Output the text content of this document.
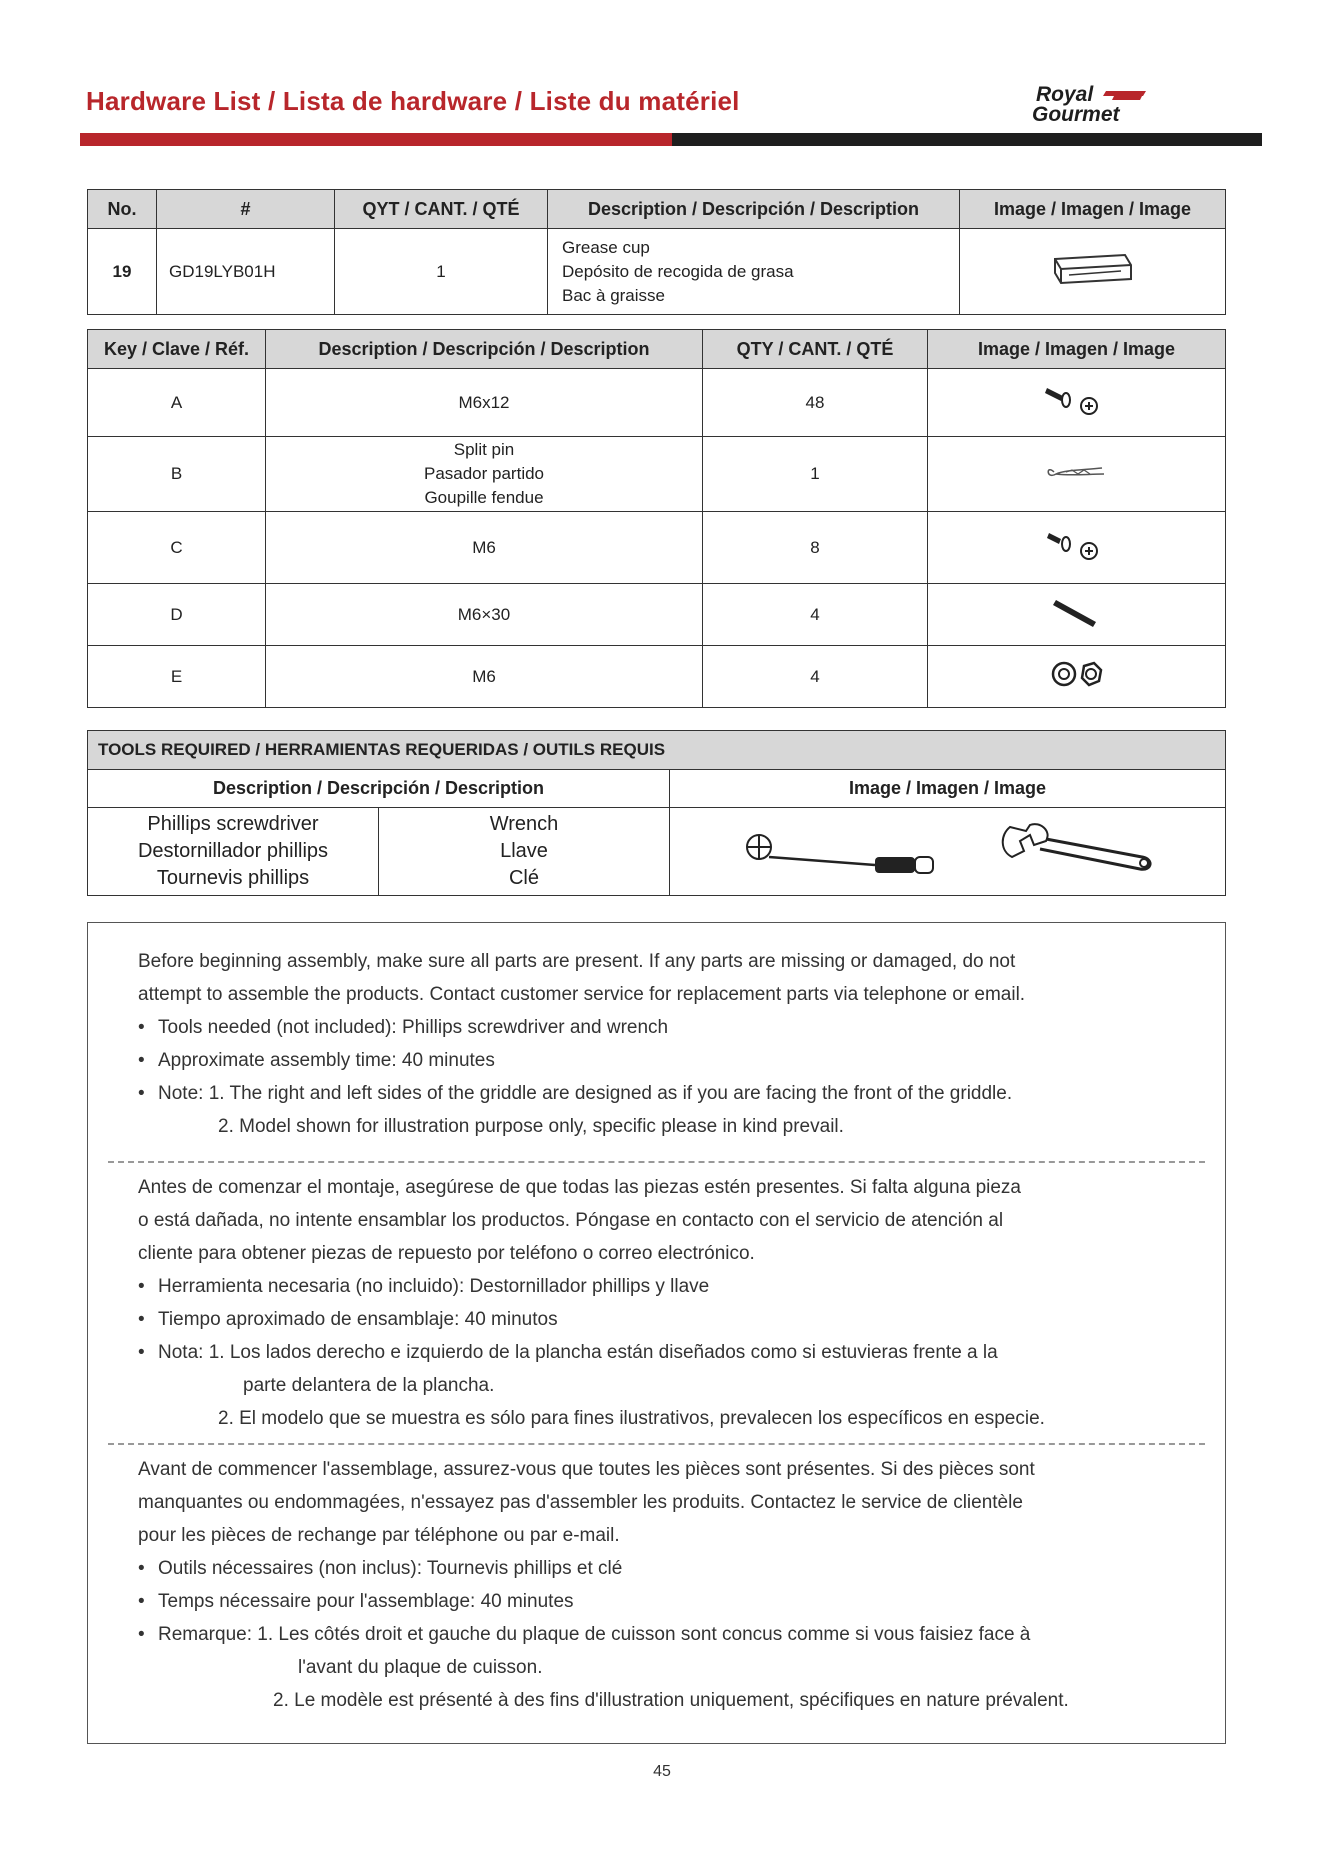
Hardware List / Lista de hardware / Liste du matériel	Royal
Gourmet
No.	#	QYT / CANT. / QTÉ	Description / Descripción / Description	Image / Imagen / Image
19	GD19LYB01H	1	Grease cup
Depósito de recogida de grasa
Bac à graisse

Key / Clave / Réf.	Description / Descripción / Description	QTY / CANT. / QTÉ	Image / Imagen / Image
A	M6x12	48	
B	Split pin
Pasador partido
Goupille fendue	1	
C	M6	8	
D	M6×30	4	
E	M6	4	
TOOLS REQUIRED / HERRAMIENTAS REQUERIDAS / OUTILS REQUIS		
Description / Descripción / Description		Image / Imagen / Image

Phillips screwdriver
Destornillador phillips
Tournevis phillips	Wrench
Llave
Clé

Before beginning assembly, make sure all parts are present. If any parts are missing or damaged, do not

attempt to assemble the products. Contact customer service for replacement parts via telephone or email.

• Tools needed (not included): Phillips screwdriver and wrench

• Approximate assembly time: 40 minutes

• Note: 1. The right and left sides of the griddle are designed as if you are facing the front of the griddle.

2. Model shown for illustration purpose only, specific please in kind prevail.

Antes de comenzar el montaje, asegúrese de que todas las piezas estén presentes. Si falta alguna pieza

o está dañada, no intente ensamblar los productos. Póngase en contacto con el servicio de atención al

cliente para obtener piezas de repuesto por teléfono o correo electrónico.

• Herramienta necesaria (no incluido): Destornillador phillips y llave

• Tiempo aproximado de ensamblaje: 40 minutos

• Nota: 1. Los lados derecho e izquierdo de la plancha están diseñados como si estuvieras frente a la

parte delantera de la plancha.

2. El modelo que se muestra es sólo para fines ilustrativos, prevalecen los específicos en especie.

Avant de commencer l'assemblage, assurez-vous que toutes les pièces sont présentes. Si des pièces sont

manquantes ou endommagées, n'essayez pas d'assembler les produits. Contactez le service de clientèle

pour les pièces de rechange par téléphone ou par e-mail.

• Outils nécessaires (non inclus): Tournevis phillips et clé

• Temps nécessaire pour l'assemblage: 40 minutes

• Remarque: 1. Les côtés droit et gauche du plaque de cuisson sont concus comme si vous faisiez face à

l'avant du plaque de cuisson.

2. Le modèle est présenté à des fins d'illustration uniquement, spécifiques en nature prévalent.

45
